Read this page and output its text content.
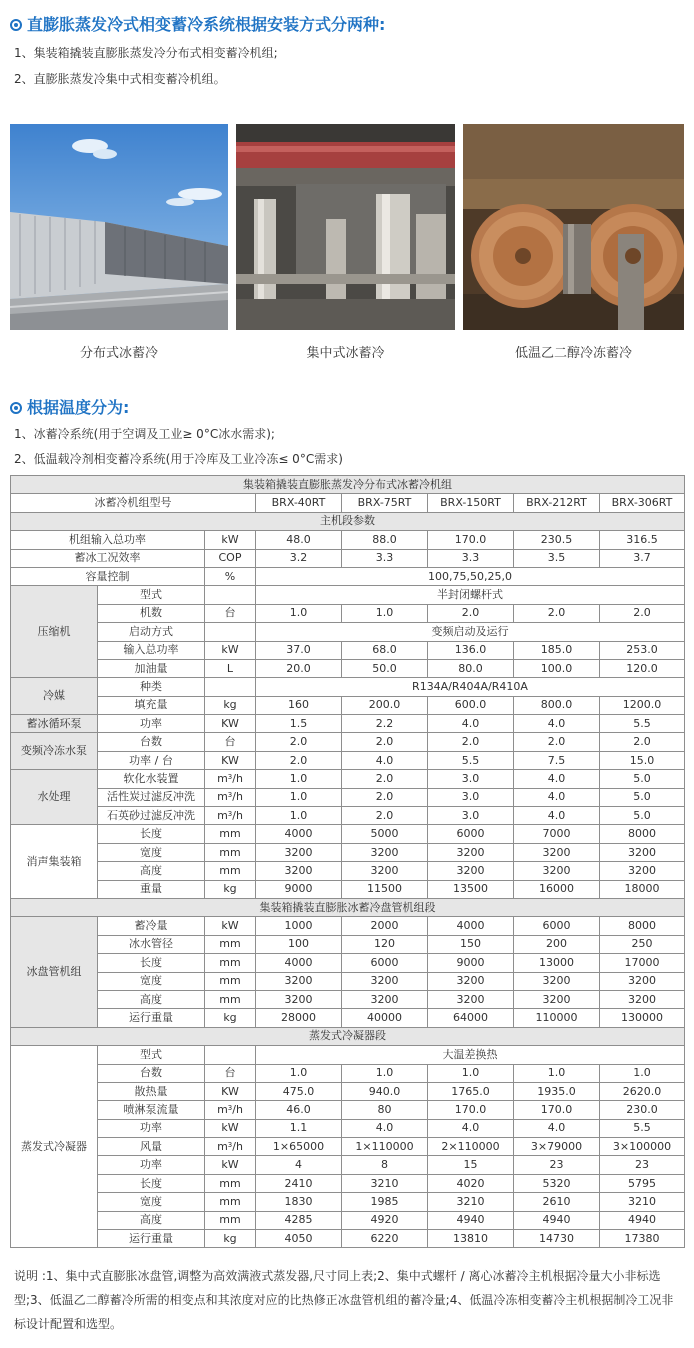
直膨胀蒸发冷式相变蓄冷系统根据安装方式分两种:
1、集装箱撬装直膨胀蒸发冷分布式相变蓄冷机组;
2、直膨胀蒸发冷集中式相变蓄冷机组。
分布式冰蓄冷	集中式冰蓄冷	低温乙二醇冷冻蓄冷
根据温度分为:
1、冰蓄冷系统(用于空调及工业≥ 0°C冰水需求);
2、低温载冷剂相变蓄冷系统(用于冷库及工业冷冻≤ 0°C需求)
集装箱撬装直膨胀蒸发冷分布式冰蓄冷机组							
冰蓄冷机组型号			BRX-40RT	BRX-75RT	BRX-150RT	BRX-212RT	BRX-306RT
主机段参数							
机组输入总功率		kW	48.0	88.0	170.0	230.5	316.5
蓄冰工况效率		COP	3.2	3.3	3.3	3.5	3.7
容量控制		%	100,75,50,25,0				
压缩机	型式		半封闭螺杆式				
	机数	台	1.0	1.0	2.0	2.0	2.0
	启动方式		变频启动及运行				
	输入总功率	kW	37.0	68.0	136.0	185.0	253.0
	加油量	L	20.0	50.0	80.0	100.0	120.0
冷媒	种类		R134A/R404A/R410A				
	填充量	kg	160	200.0	600.0	800.0	1200.0
蓄冰循环泵	功率	KW	1.5	2.2	4.0	4.0	5.5
变频冷冻水泵	台数	台	2.0	2.0	2.0	2.0	2.0
	功率 / 台	KW	2.0	4.0	5.5	7.5	15.0
水处理	软化水装置	$m^3/h$	1.0	2.0	3.0	4.0	5.0
	活性炭过滤反冲洗	$m^3/h$	1.0	2.0	3.0	4.0	5.0
	石英砂过滤反冲洗	$m^3/h$	1.0	2.0	3.0	4.0	5.0
消声集装箱	长度	mm	4000	5000	6000	7000	8000
	宽度	mm	3200	3200	3200	3200	3200
	高度	mm	3200	3200	3200	3200	3200
	重量	kg	9000	11500	13500	16000	18000
集装箱撬装直膨胀冰蓄冷盘管机组段							
冰盘管机组	蓄冷量	kW	1000	2000	4000	6000	8000
	冰水管径	mm	100	120	150	200	250
	长度	mm	4000	6000	9000	13000	17000
	宽度	mm	3200	3200	3200	3200	3200
	高度	mm	3200	3200	3200	3200	3200
	运行重量	kg	28000	40000	64000	110000	130000
蒸发式冷凝器段							
蒸发式冷凝器	型式		大温差换热				
	台数	台	1.0	1.0	1.0	1.0	1.0
	散热量	KW	475.0	940.0	1765.0	1935.0	2620.0
	喷淋泵流量	$m^3/h$	46.0	80	170.0	170.0	230.0
	功率	kW	1.1	4.0	4.0	4.0	5.5
	风量	$m^3/h$	1×65000	1×110000	2×110000	3×79000	3×100000
	功率	kW	4	8	15	23	23
	长度	mm	2410	3210	4020	5320	5795
	宽度	mm	1830	1985	3210	2610	3210
	高度	mm	4285	4920	4940	4940	4940
	运行重量	kg	4050	6220	13810	14730	17380
说明 :1、集中式直膨胀冰盘管,调整为高效满液式蒸发器,尺寸同上表;2、集中式螺杆 / 离心冰蓄冷主机根据冷量大小非标选型;3、低温乙二醇蓄冷所需的相变点和其浓度对应的比热修正冰盘管机组的蓄冷量;4、低温冷冻相变蓄冷主机根据制冷工况非标设计配置和选型。
